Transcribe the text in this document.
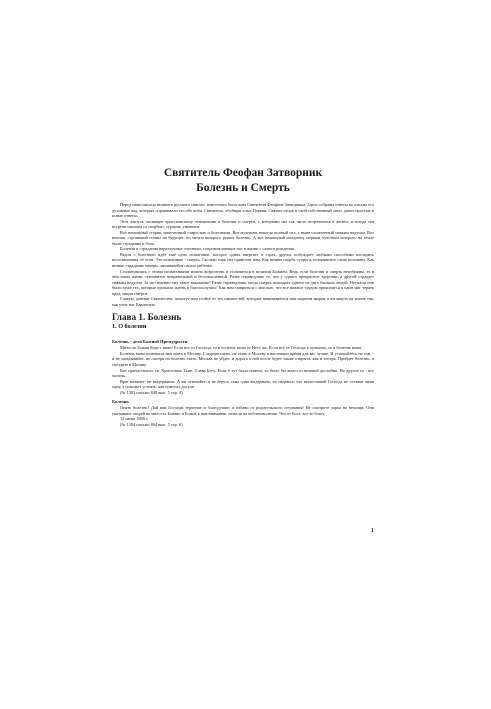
Святитель Феофан Затворник
Болезнь и Смерть

Перед нами письма великого русского святого, известного богослова Святителя Феофана Затворника. Здесь собраны ответы на письма его духовных чад, которые спрашивали его обо всём. Святитель, обобщая опыт Церкви, Святых отцов и свой собственный опыт, давал простые и ясные ответы.

Этот выпуск посвящен христианскому отношению к болезни и смерти, с которыми мы так часто встречаемся в жизни, и всегда эти встречи связаны со скорбью, страхом, унынием.

Вот немощный старик, измученный старостью и болезнями. Вот мужчина, некогда полный сил, а ныне сломленный тяжким недугом. Вот юноша, строивший планы на будущее, но мечты которого рушит болезнь. А вот немощный младенец, первым чувством которого на земле были страдание и боль.

Болезни и страдания неразлучные спутники, сопровождающие нас в жизни с самого рождения.

Рядом с болезнью идёт ещё одно испытание, которое одних ввергает в страх, других побуждает любыми способами изгладить воспоминания об этом. Это испытание - смерть. Сколько горя она приносит нам. Как велика скорбь супруга, потерявшего свою половину. Как велико страдание матери, лишившейся своего ребёнка.

Столкнувшись с этими испытаниями можно возроптать и усомниться в величии Божием. Ведь если болезни и смерть неизбежны, то в чём наша жизнь становится неправильной и бессмысленной. Разве справедливо то, что у одного прекрасное здоровье, а другой страдает тяжким недугом. За что именно ему такое наказание? Разве справедливо, когда смерть похищает одного из двух близких людей. Неужели они были хуже тех, которые прожили жизнь в благополучии? Как нам смириться с мыслью, что всё важное трудом приходится в один миг терять пред лицом смерти.

Советы, данные Святителем, помогут нам стойте от тех шаппостей, которые навязываются нам падшим миром и взглянуть на жизнь так, как учит нас Евангелие.

Глава 1. Болезнь
1. О болезни
Болезнь - дело Божией Премудрости

Милость Божия буди с вами! Если все от Господа, то и болезнь ваша от Него же. Если все от Господа к лучшему, то и болезнь ваша.

Болезнь ваша помешала вам ехать в Москву. Следовательно, не ехать в Москву в настоящее время для вас лучше. И успокойтесь на том, - и не загадывайте, не смотря на болезнь ехать. Москва не уйдет, и дорога к ней после будет также открыта, как и теперь. Пройдет болезнь, и съездите в Москву.

Вот причастились св. Христовых Таин. Слава Богу. Если б тут была помеха, то было бы жалости великой достойно. Но другое то - все молочь.

Враг визжает: не выдержишь. А вы отвечайте: я не берусь сама одна выдержать, но надеюсь, что милостивый Господь не оставит меня одну, а поможет устоять, как помогал доселе.

(№ 1381 письмо 848 вып. 5 стр. 4)

Болезнь

Опять болезнь? Дай вам Господи терпение и благодушие, и избави от родительского сетования! Не смотрите зорко на немощи. Они указывают скорей на милость Божию и Божие к вам внимание, нежели на неблаговоление. Что от Бога, все ко благу.

12 июня 1888 г.

(№ 1384 письмо 864 вып. 5 стр. 6)

1
